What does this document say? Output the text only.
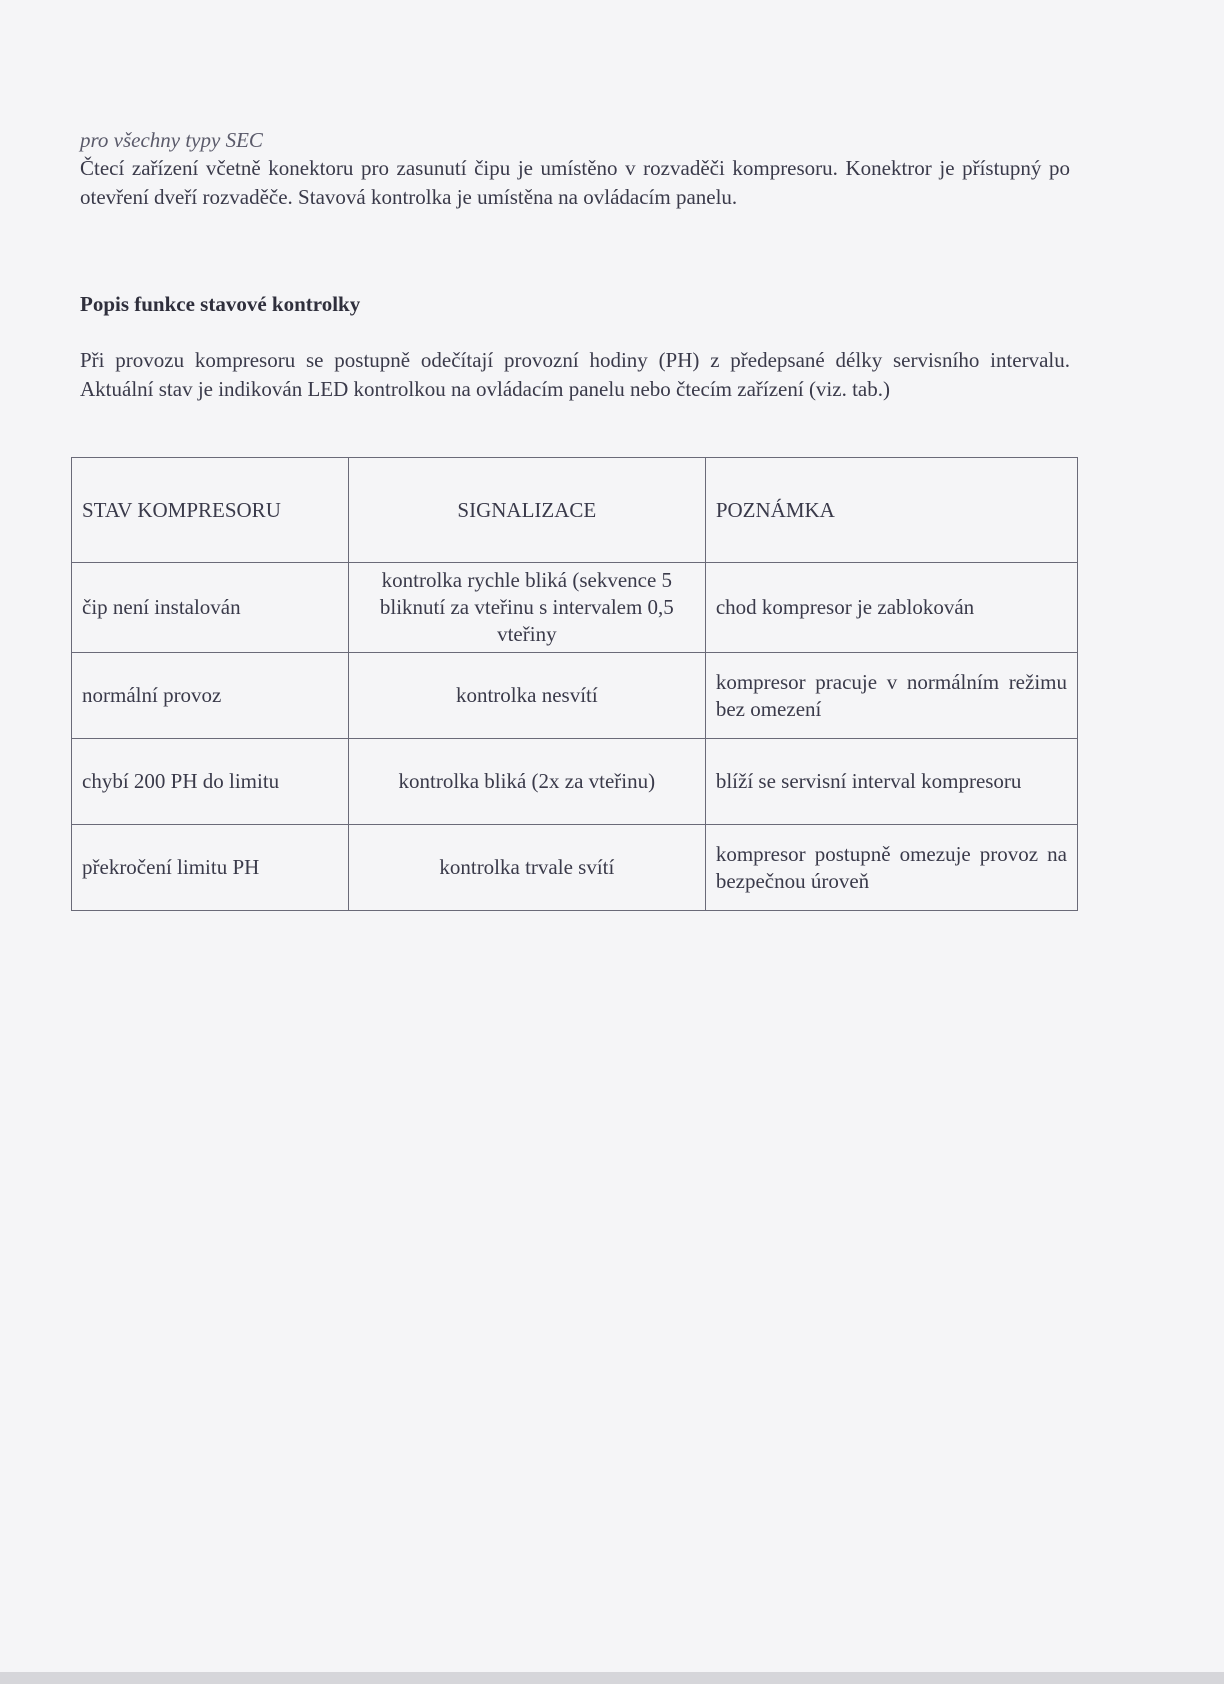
pro všechny typy SEC

Čtecí zařízení včetně konektoru pro zasunutí čipu je umístěno v rozvaděči kompresoru. Konektror je přístupný po otevření dveří rozvaděče. Stavová kontrolka je umístěna na ovládacím panelu.

Popis funkce stavové kontrolky

Při provozu kompresoru se postupně odečítají provozní hodiny (PH) z předepsané délky servisního intervalu. Aktuální stav je indikován LED kontrolkou na ovládacím panelu nebo čtecím zařízení (viz. tab.)

STAV KOMPRESORU	SIGNALIZACE	POZNÁMKA
čip není instalován	kontrolka rychle bliká (sekvence 5 bliknutí za vteřinu s intervalem 0,5 vteřiny	chod kompresor je zablokován
normální provoz	kontrolka nesvítí	kompresor pracuje v normálním režimu bez omezení
chybí 200 PH do limitu	kontrolka bliká (2x za vteřinu)	blíží se servisní interval kompresoru
překročení limitu PH	kontrolka trvale svítí	kompresor postupně omezuje provoz na bezpečnou úroveň
